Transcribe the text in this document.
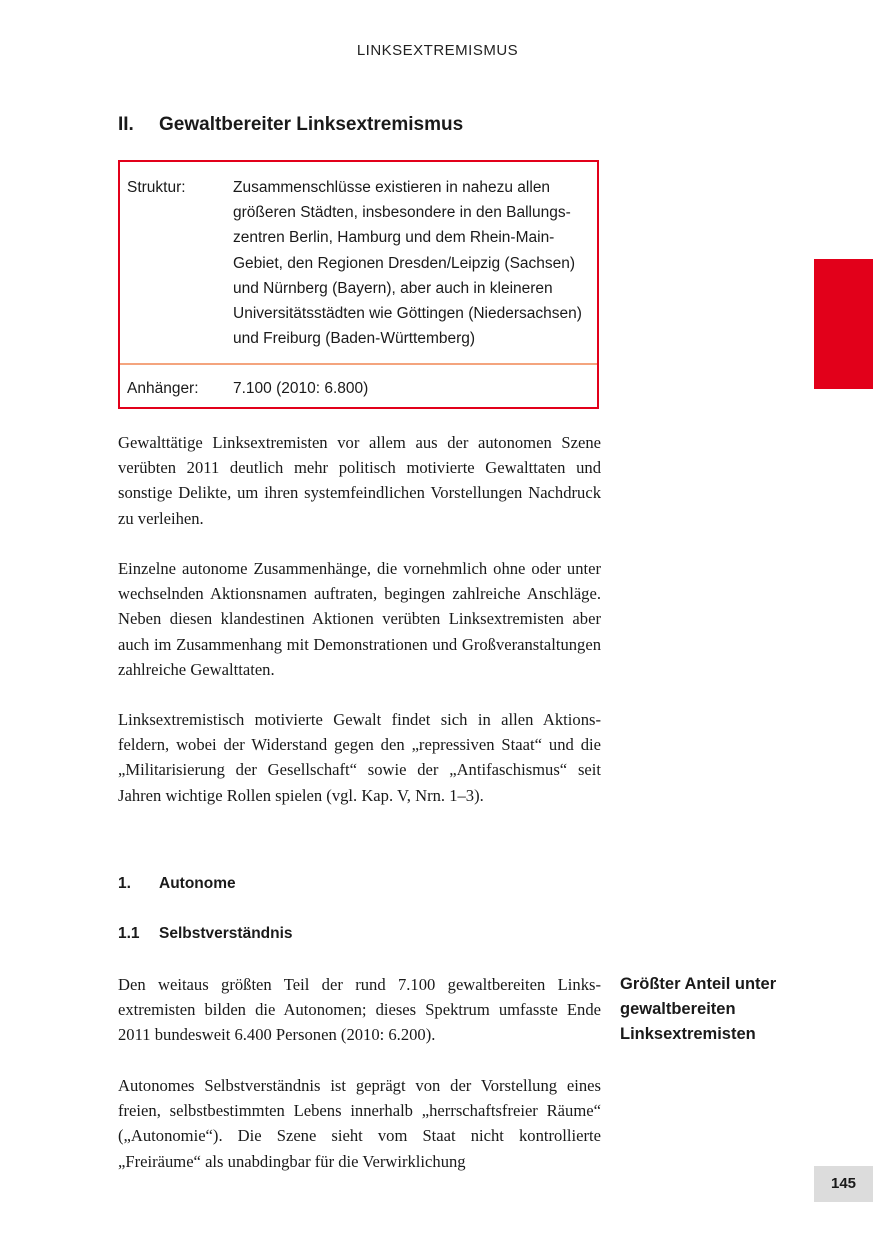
LINKSEXTREMISMUS
II. Gewaltbereiter Linksextremismus
Struktur:	Zusammenschlüsse existieren in nahezu allen größeren Städten, insbesondere in den Ballungszentren Berlin, Hamburg und dem Rhein-Main-Gebiet, den Regionen Dresden/Leipzig (Sachsen) und Nürnberg (Bayern), aber auch in kleineren Universitätsstädten wie Göttingen (Niedersachsen) und Freiburg (Baden-Württemberg)
Anhänger: 7.100 (2010: 6.800)

Gewalttätige Linksextremisten vor allem aus der autonomen Szene verübten 2011 deutlich mehr politisch motivierte Gewalttaten und sonstige Delikte, um ihren systemfeindlichen Vorstellungen Nachdruck zu verleihen.

Einzelne autonome Zusammenhänge, die vornehmlich ohne oder unter wechselnden Aktionsnamen auftraten, begingen zahlreiche Anschläge. Neben diesen klandestinen Aktionen verübten Linksextremisten aber auch im Zusammenhang mit Demonstrationen und Großveranstaltungen zahlreiche Gewalttaten.

Linksextremistisch motivierte Gewalt findet sich in allen Aktionsfeldern, wobei der Widerstand gegen den „repressiven Staat“ und die „Militarisierung der Gesellschaft“ sowie der „Antifaschismus“ seit Jahren wichtige Rollen spielen (vgl. Kap. V, Nrn. 1–3).

1. Autonome
1.1 Selbstverständnis

Den weitaus größten Teil der rund 7.100 gewaltbereiten Linksextremisten bilden die Autonomen; dieses Spektrum umfasste Ende 2011 bundesweit 6.400 Personen (2010: 6.200).

Autonomes Selbstverständnis ist geprägt von der Vorstellung eines freien, selbstbestimmten Lebens innerhalb „herrschaftsfreier Räume“ („Autonomie“). Die Szene sieht vom Staat nicht kontrollierte „Freiräume“ als unabdingbar für die Verwirklichung

Größter Anteil unter gewaltbereiten Linksextremisten
145
